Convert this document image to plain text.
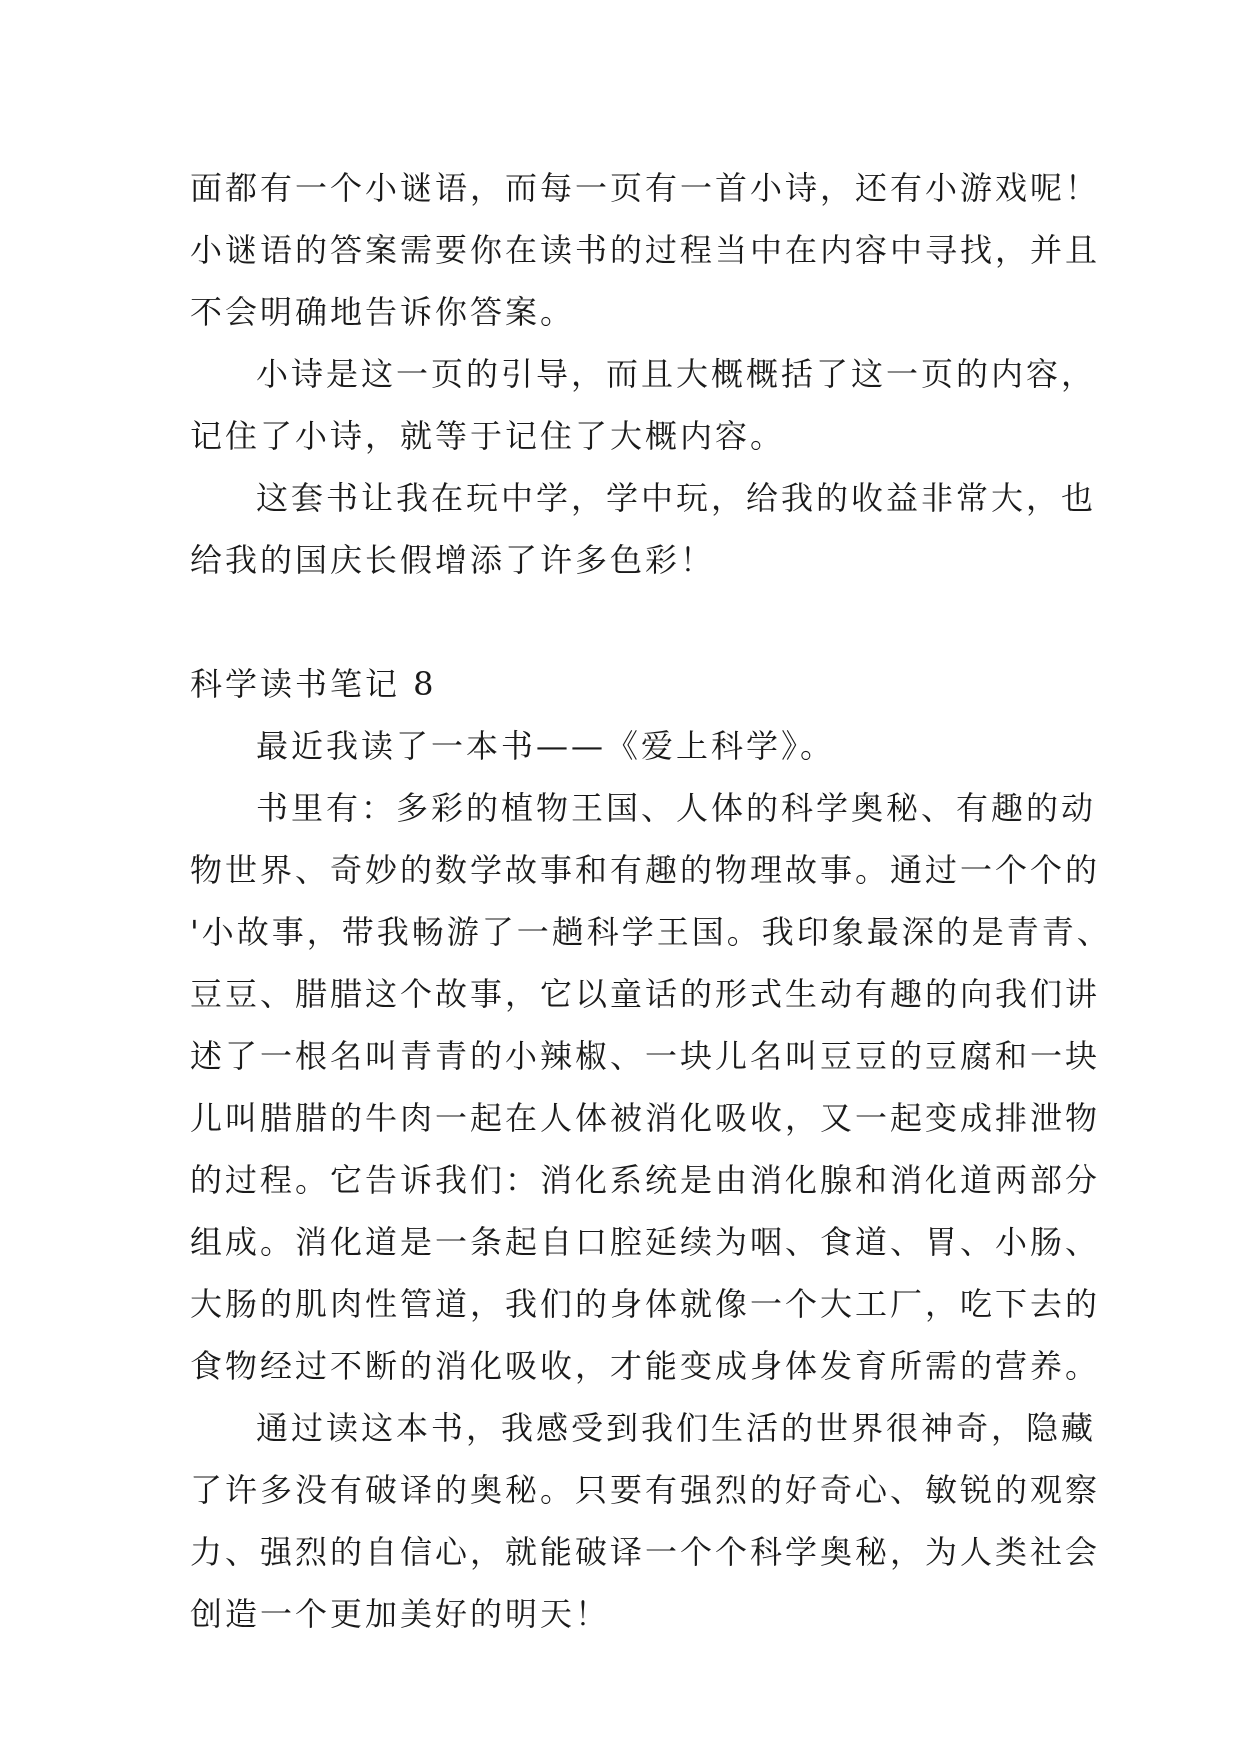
面都有一个小谜语，而每一页有一首小诗，还有小游戏呢！
小谜语的答案需要你在读书的过程当中在内容中寻找，并且
不会明确地告诉你答案。
小诗是这一页的引导，而且大概概括了这一页的内容，
记住了小诗，就等于记住了大概内容。
这套书让我在玩中学，学中玩，给我的收益非常大，也
给我的国庆长假增添了许多色彩！
科学读书笔记 8
最近我读了一本书——《爱上科学》。
书里有：多彩的植物王国、人体的科学奥秘、有趣的动
物世界、奇妙的数学故事和有趣的物理故事。通过一个个的
'小故事，带我畅游了一趟科学王国。我印象最深的是青青、
豆豆、腊腊这个故事，它以童话的形式生动有趣的向我们讲
述了一根名叫青青的小辣椒、一块儿名叫豆豆的豆腐和一块
儿叫腊腊的牛肉一起在人体被消化吸收，又一起变成排泄物
的过程。它告诉我们：消化系统是由消化腺和消化道两部分
组成。消化道是一条起自口腔延续为咽、食道、胃、小肠、
大肠的肌肉性管道，我们的身体就像一个大工厂，吃下去的
食物经过不断的消化吸收，才能变成身体发育所需的营养。
通过读这本书，我感受到我们生活的世界很神奇，隐藏
了许多没有破译的奥秘。只要有强烈的好奇心、敏锐的观察
力、强烈的自信心，就能破译一个个科学奥秘，为人类社会
创造一个更加美好的明天！
